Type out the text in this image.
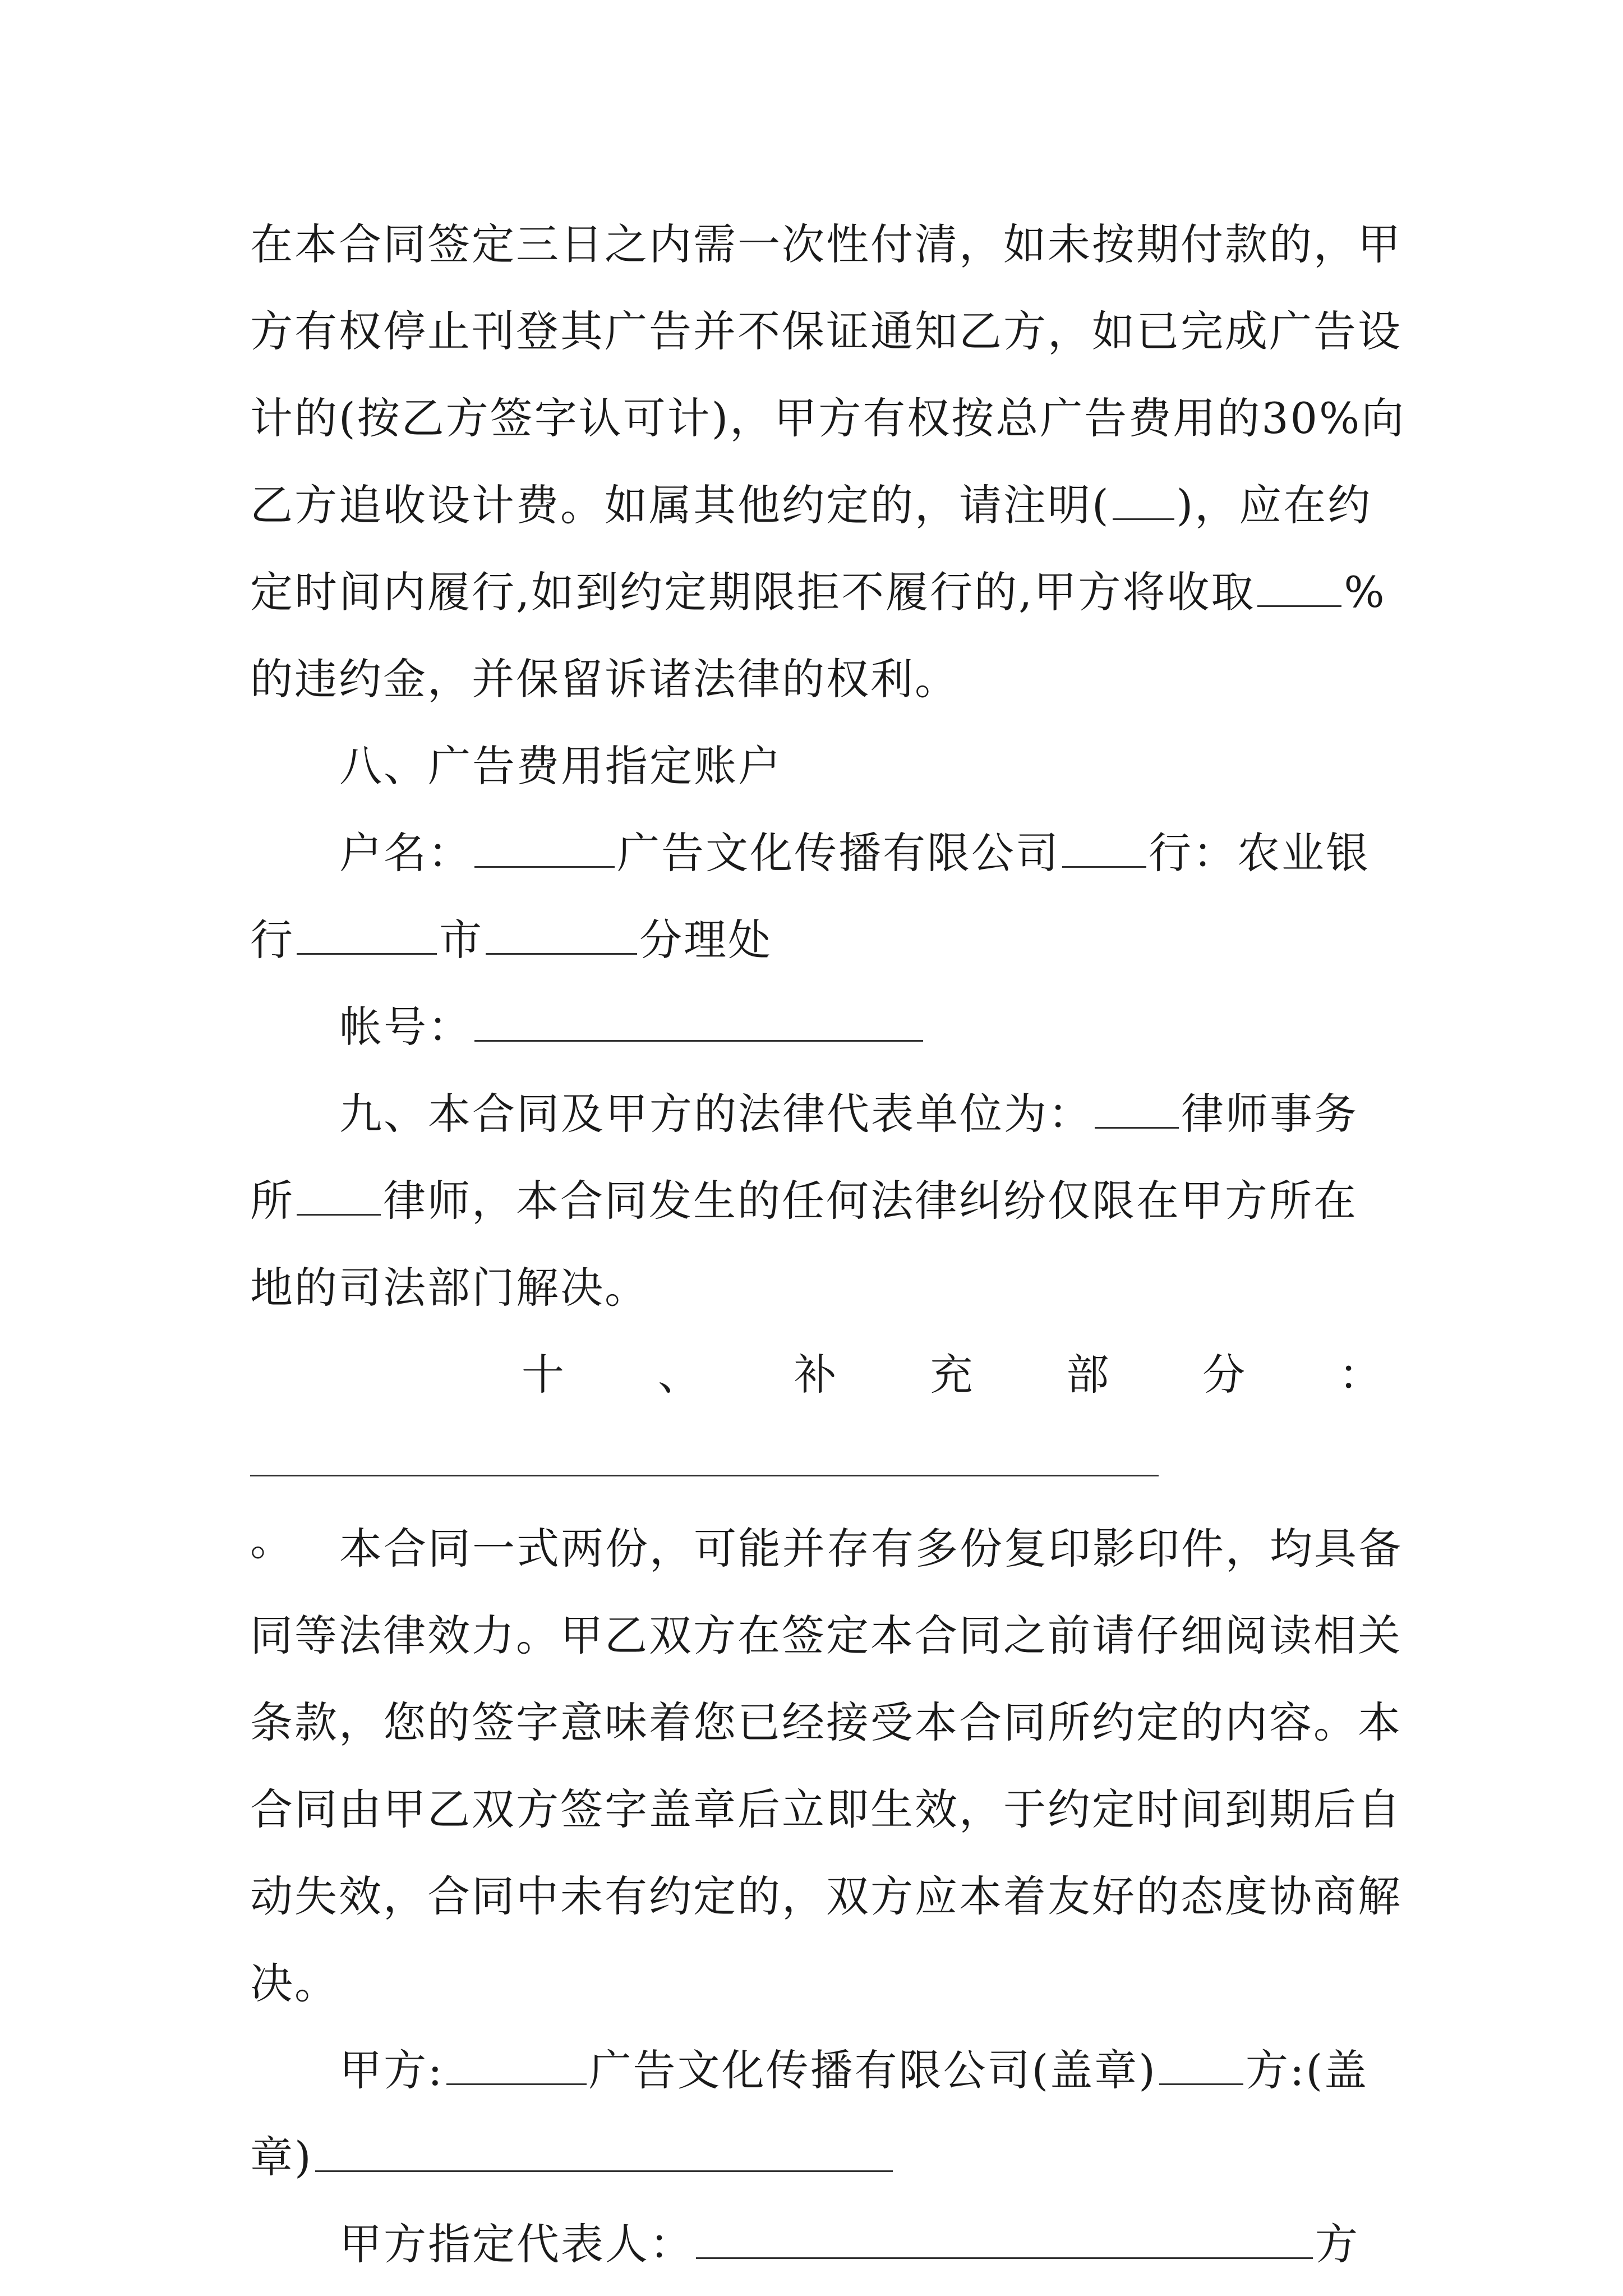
在本合同签定三日之内需一次性付清，如未按期付款的，甲
方有权停止刊登其广告并不保证通知乙方，如已完成广告设
计的(按乙方签字认可计)，甲方有权按总广告费用的30%向
乙方追收设计费。如属其他约定的，请注明( )，应在约
定时间内履行,如到约定期限拒不履行的,甲方将收取 %
的违约金，并保留诉诸法律的权利。
八、广告费用指定账户
户名：	广告文化传播有限公司 行：农业银
行	市	分理处
帐号：
九、本合同及甲方的法律代表单位为： 律师事务
所 律师，本合同发生的任何法律纠纷仅限在甲方所在
地的司法部门解决。
十 、 补 充 部 分 ：
。	本合同一式两份，可能并存有多份复印影印件，均具备
同等法律效力。甲乙双方在签定本合同之前请仔细阅读相关
条款，您的签字意味着您已经接受本合同所约定的内容。本
合同由甲乙双方签字盖章后立即生效，于约定时间到期后自
动失效，合同中未有约定的，双方应本着友好的态度协商解
决。
甲方:	广告文化传播有限公司(盖章) 方:(盖
章)
甲方指定代表人：	方
